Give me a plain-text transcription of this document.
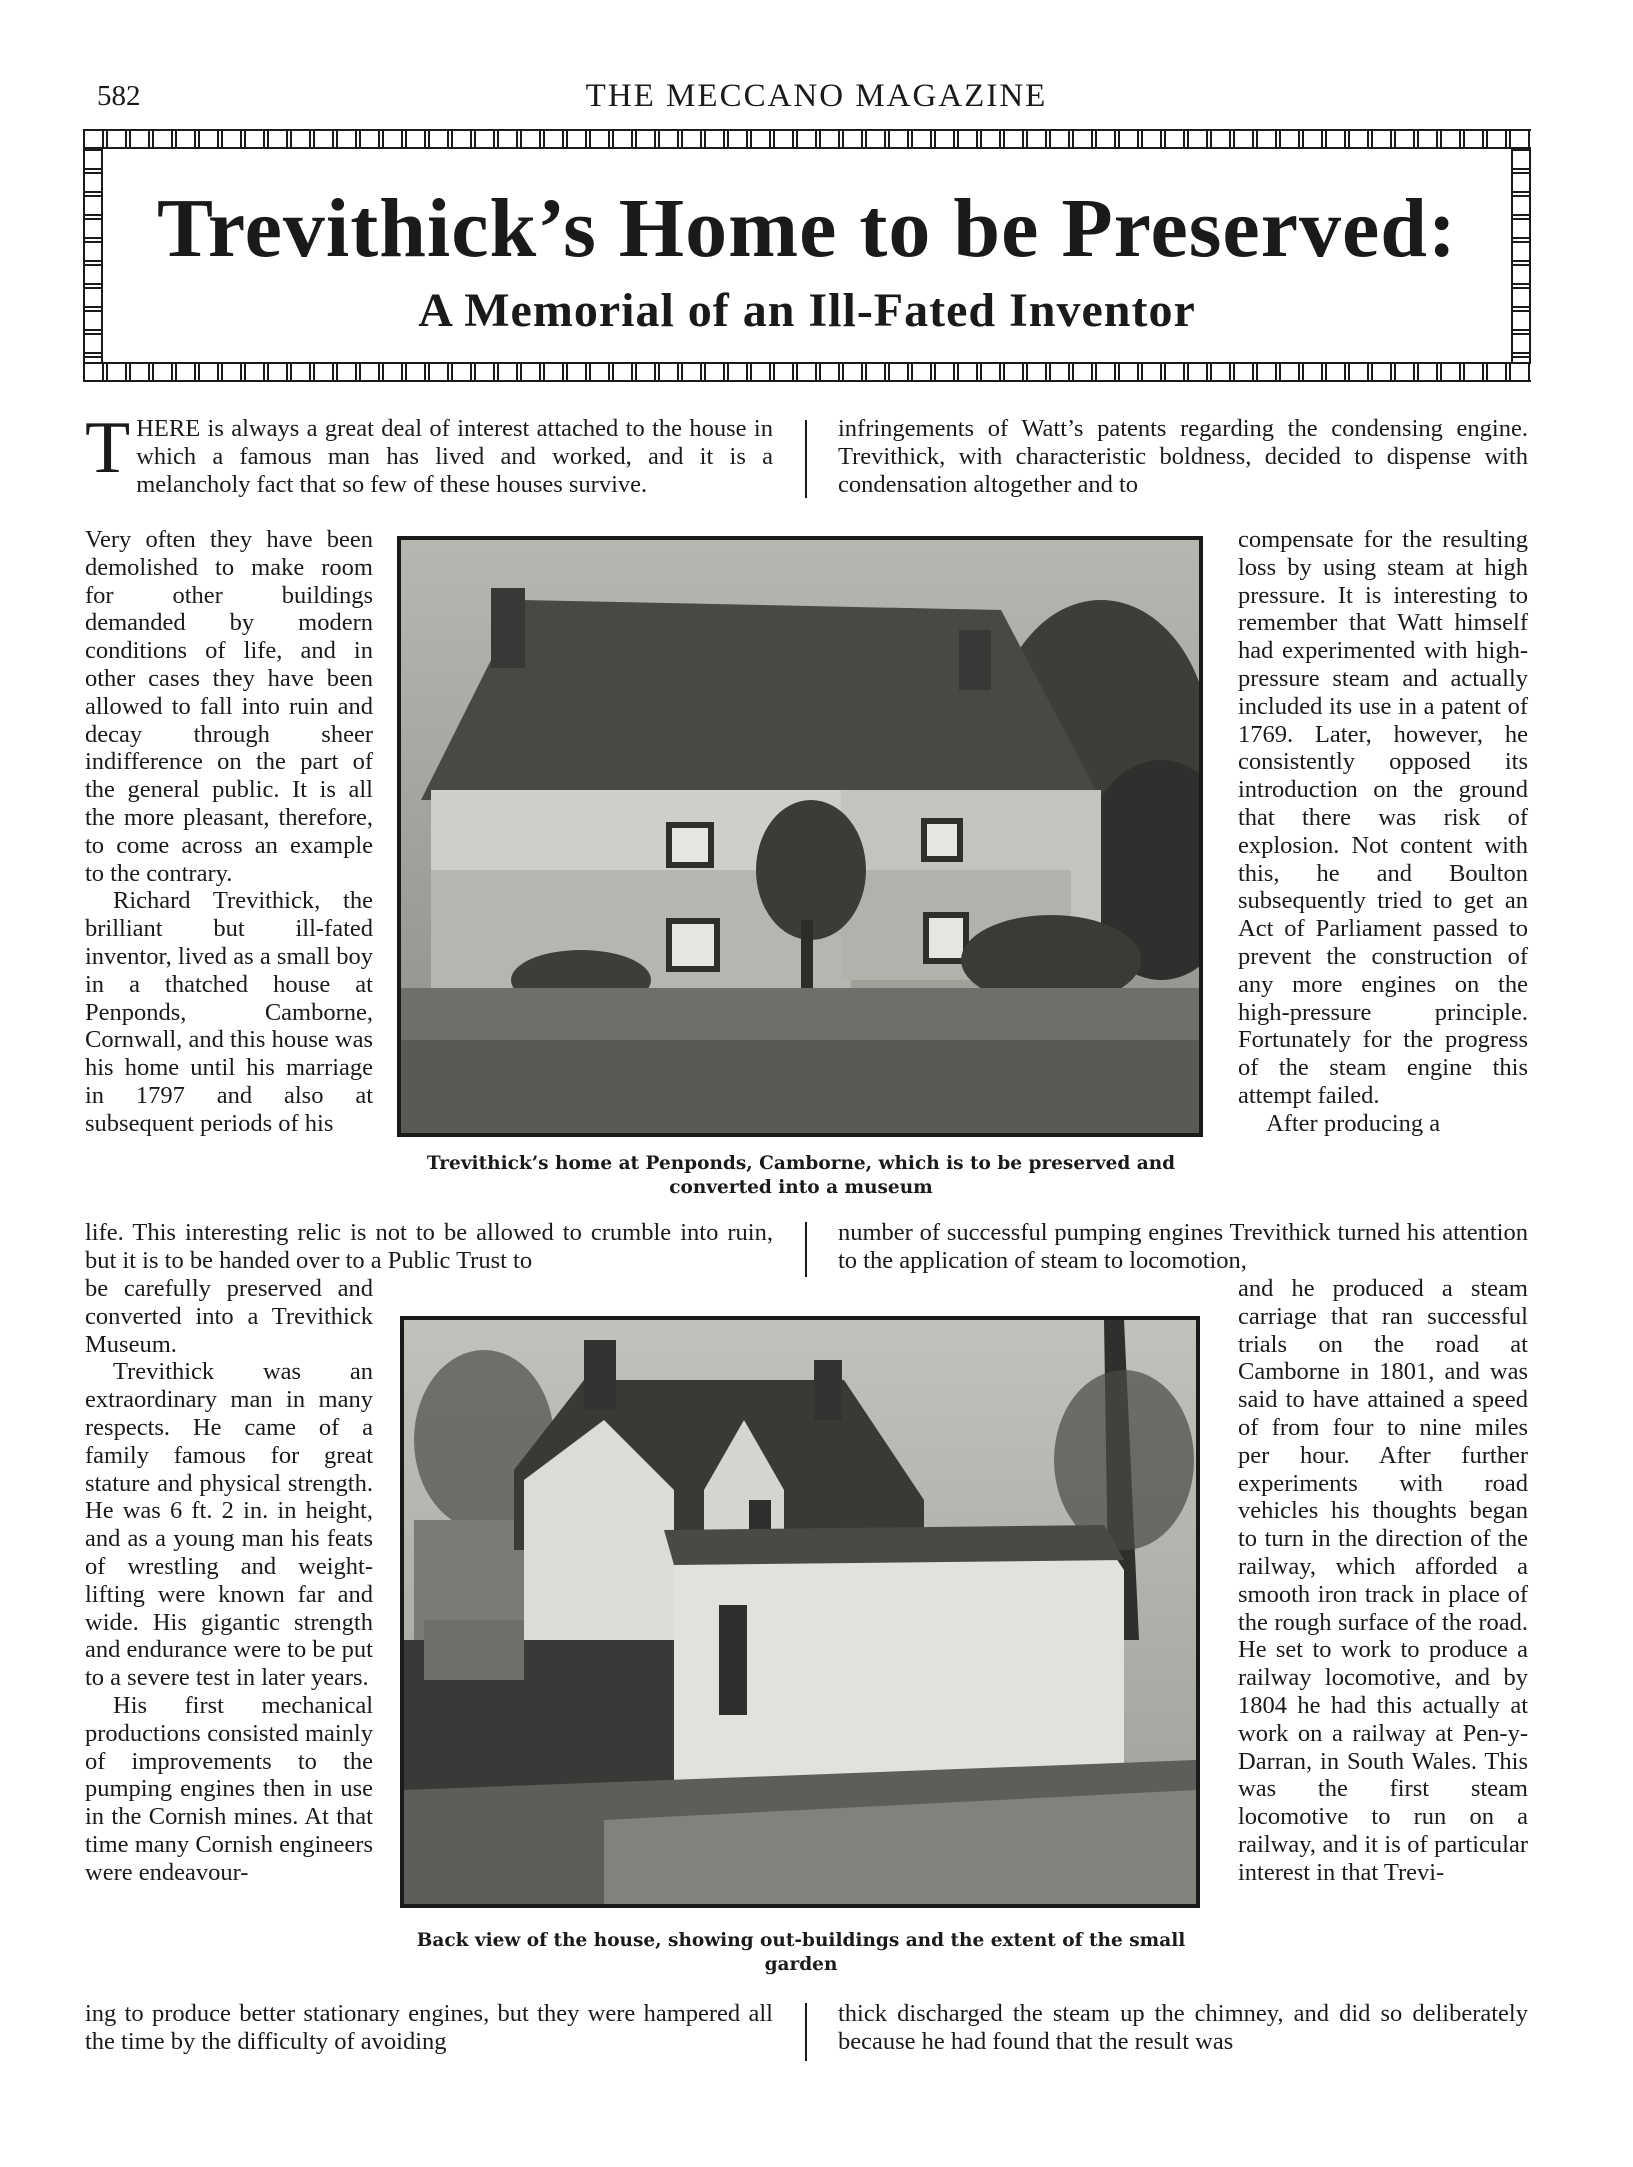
582	THE MECCANO MAGAZINE
Trevithick’s Home to be Preserved:
A Memorial of an Ill-Fated Inventor
THERE is always a great deal of interest attached to the house in which a famous man has lived and worked, and it is a melancholy fact that so few of these houses survive.
infringements of Watt’s patents regarding the condensing engine. Trevithick, with characteristic boldness, decided to dispense with condensation altogether and to

Very often they have been demolished to make room for other buildings demanded by modern conditions of life, and in other cases they have been allowed to fall into ruin and decay through sheer indifference on the part of the general public. It is all the more pleasant, therefore, to come across an example to the contrary.

Richard Trevithick, the brilliant but ill-fated inventor, lived as a small boy in a thatched house at Penponds, Camborne, Cornwall, and this house was his home until his marriage in 1797 and also at subsequent periods of his

compensate for the resulting loss by using steam at high pressure. It is interesting to remember that Watt himself had experimented with high-pressure steam and actually included its use in a patent of 1769. Later, however, he consistently opposed its introduction on the ground that there was risk of explosion. Not content with this, he and Boulton subsequently tried to get an Act of Parliament passed to prevent the construction of any more engines on the high-pressure principle. Fortunately for the progress of the steam engine this attempt failed.

After producing a

Trevithick’s home at Penponds, Camborne, which is to be preserved and converted into a museum
life. This interesting relic is not to be allowed to crumble into ruin, but it is to be handed over to a Public Trust to
number of successful pumping engines Trevithick turned his attention to the application of steam to locomotion,

be carefully preserved and converted into a Trevithick Museum.

Trevithick was an extraordinary man in many respects. He came of a family famous for great stature and physical strength. He was 6 ft. 2 in. in height, and as a young man his feats of wrestling and weight-lifting were known far and wide. His gigantic strength and endurance were to be put to a severe test in later years.

His first mechanical productions consisted mainly of improvements to the pumping engines then in use in the Cornish mines. At that time many Cornish engineers were endeavour-

and he produced a steam carriage that ran successful trials on the road at Camborne in 1801, and was said to have attained a speed of from four to nine miles per hour. After further experiments with road vehicles his thoughts began to turn in the direction of the railway, which afforded a smooth iron track in place of the rough surface of the road. He set to work to produce a railway locomotive, and by 1804 he had this actually at work on a railway at Pen-y-Darran, in South Wales. This was the first steam locomotive to run on a railway, and it is of particular interest in that Trevi-
Back view of the house, showing out-buildings and the extent of the small garden
ing to produce better stationary engines, but they were hampered all the time by the difficulty of avoiding
thick discharged the steam up the chimney, and did so deliberately because he had found that the result was
